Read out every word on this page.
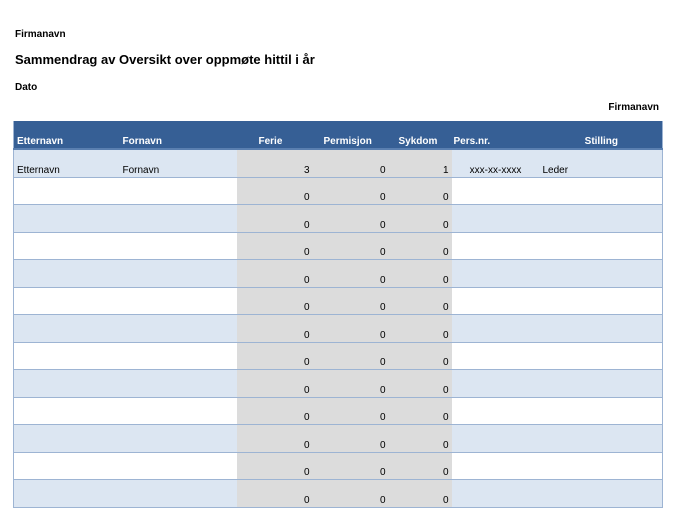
Firmanavn
Sammendrag av Oversikt over oppmøte hittil i år
Dato
Firmanavn
Etternavn	Fornavn	Ferie	Permisjon	Sykdom	Pers.nr.	Stilling
Etternavn	Fornavn	3	0	1	xxx-xx-xxxx	Leder
		0	0	0		
		0	0	0		
		0	0	0		
		0	0	0		
		0	0	0		
		0	0	0		
		0	0	0		
		0	0	0		
		0	0	0		
		0	0	0		
		0	0	0		
		0	0	0		
